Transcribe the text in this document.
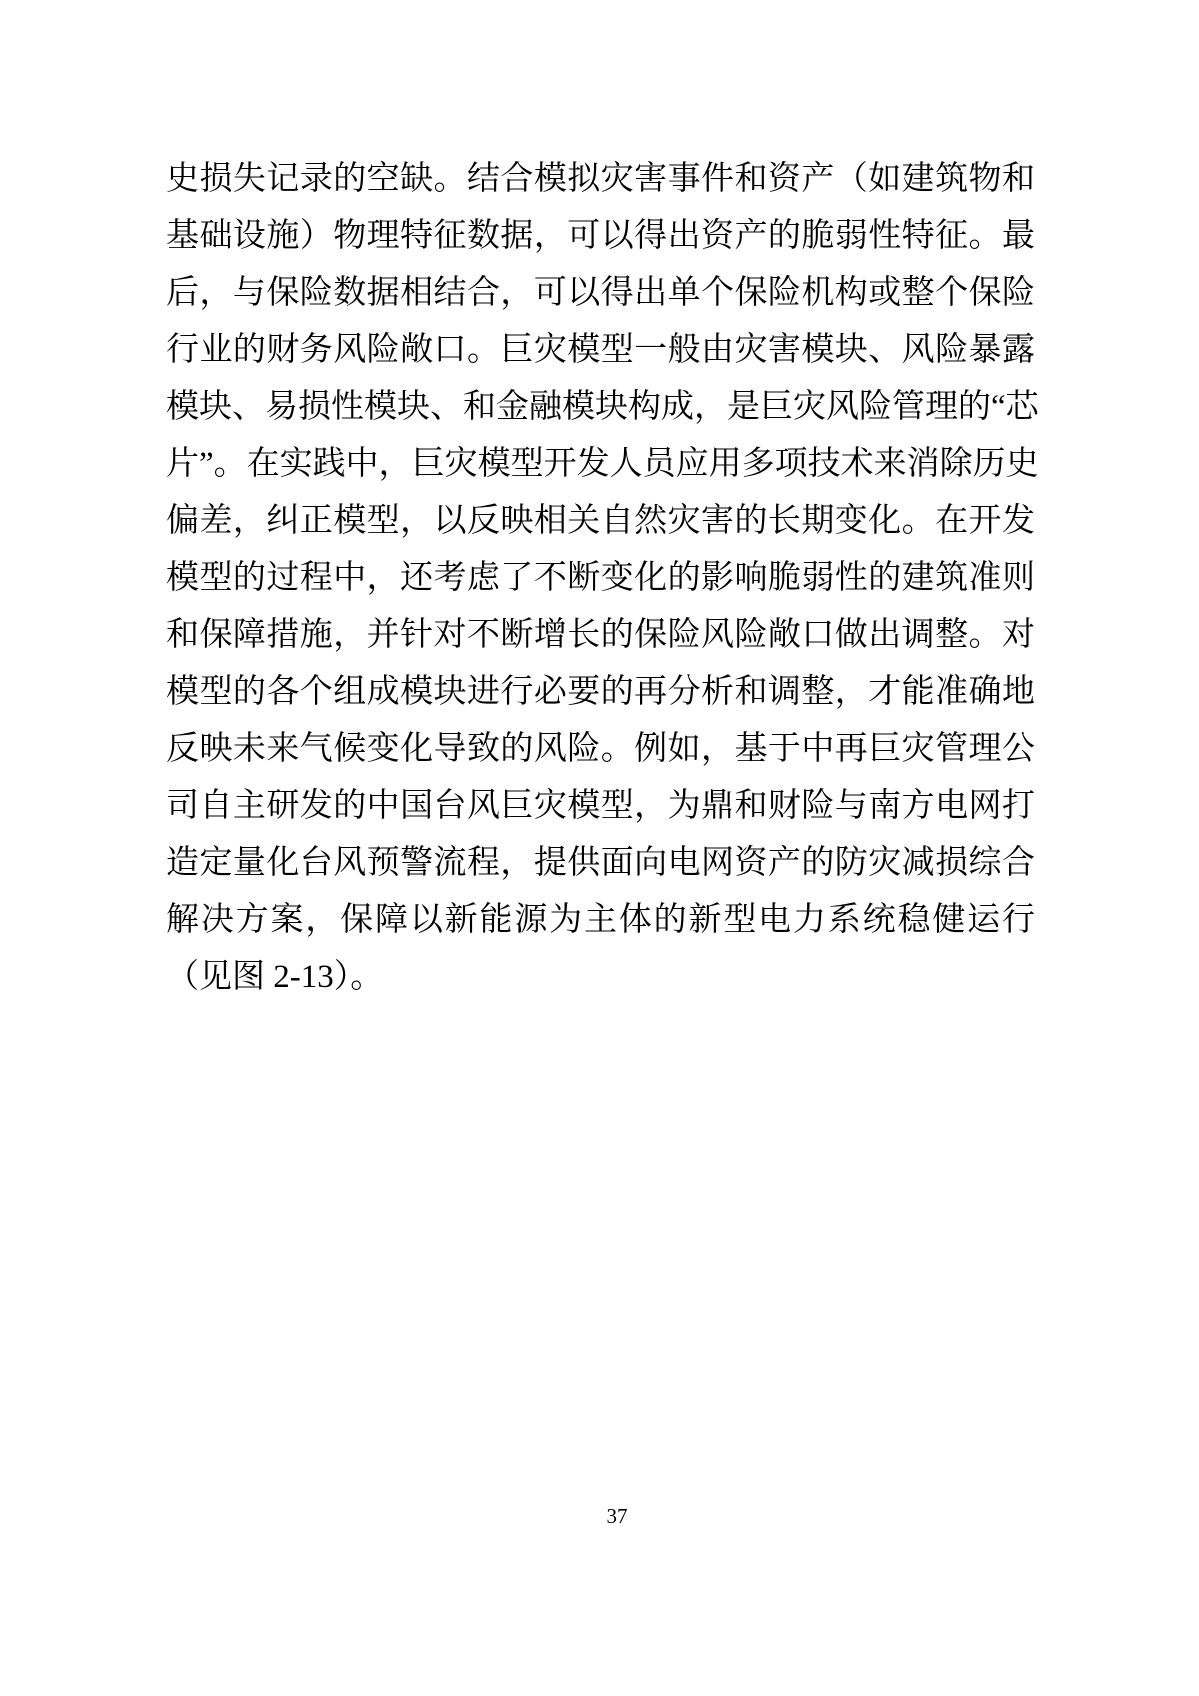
史损失记录的空缺。结合模拟灾害事件和资产（如建筑物和
基础设施）物理特征数据，可以得出资产的脆弱性特征。最
后，与保险数据相结合，可以得出单个保险机构或整个保险
行业的财务风险敞口。巨灾模型一般由灾害模块、风险暴露
模块、易损性模块、和金融模块构成，是巨灾风险管理的“芯
片”。在实践中，巨灾模型开发人员应用多项技术来消除历史
偏差，纠正模型，以反映相关自然灾害的长期变化。在开发
模型的过程中，还考虑了不断变化的影响脆弱性的建筑准则
和保障措施，并针对不断增长的保险风险敞口做出调整。对
模型的各个组成模块进行必要的再分析和调整，才能准确地
反映未来气候变化导致的风险。例如，基于中再巨灾管理公
司自主研发的中国台风巨灾模型，为鼎和财险与南方电网打
造定量化台风预警流程，提供面向电网资产的防灾减损综合
解决方案，保障以新能源为主体的新型电力系统稳健运行
（见图 2-13）。
37
